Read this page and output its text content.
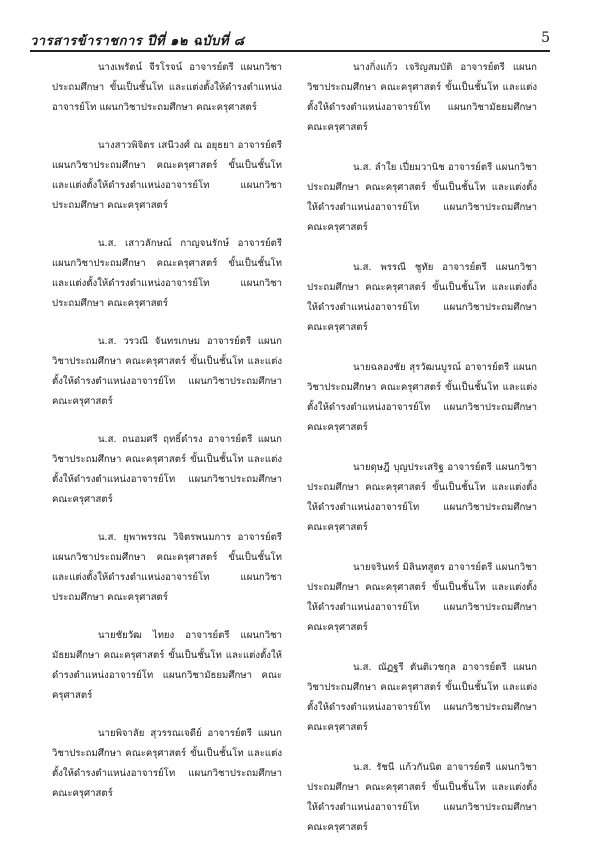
วารสารข้าราชการ ปีที่ ๑๒ ฉบับที่ ๘	5

นางเพรัตน์ จีรโรจน์ อาจารย์ตรี แผนกวิชาประถมศึกษา ขั้นเป็นชั้นโท และแต่งตั้งให้ดำรงตำแหน่งอาจารย์โท แผนกวิชาประถมศึกษา คณะครุศาสตร์

นางสาวพิจิตร เสนีวงศ์ ณ อยุธยา อาจารย์ตรี แผนกวิชาประถมศึกษา คณะครุศาสตร์ ขั้นเป็นชั้นโท และแต่งตั้งให้ดำรงตำแหน่งอาจารย์โท แผนกวิชาประถมศึกษา คณะครุศาสตร์

น.ส. เสาวลักษณ์ กาญจนรักษ์ อาจารย์ตรี แผนกวิชาประถมศึกษา คณะครุศาสตร์ ขั้นเป็นชั้นโท และแต่งตั้งให้ดำรงตำแหน่งอาจารย์โท แผนกวิชาประถมศึกษา คณะครุศาสตร์

น.ส. วรวณี จันทรเกษม อาจารย์ตรี แผนกวิชาประถมศึกษา คณะครุศาสตร์ ขั้นเป็นชั้นโท และแต่งตั้งให้ดำรงตำแหน่งอาจารย์โท แผนกวิชาประถมศึกษา คณะครุศาสตร์

น.ส. ถนอมศรี ฤทธิ์ดำรง อาจารย์ตรี แผนกวิชาประถมศึกษา คณะครุศาสตร์ ขั้นเป็นชั้นโท และแต่งตั้งให้ดำรงตำแหน่งอาจารย์โท แผนกวิชาประถมศึกษา คณะครุศาสตร์

น.ส. ยุพาพรรณ วิจิตรพนมการ อาจารย์ตรี แผนกวิชาประถมศึกษา คณะครุศาสตร์ ขั้นเป็นชั้นโท และแต่งตั้งให้ดำรงตำแหน่งอาจารย์โท แผนกวิชาประถมศึกษา คณะครุศาสตร์

นายชัยวัฒ ไทยง อาจารย์ตรี แผนกวิชามัธยมศึกษา คณะครุศาสตร์ ขั้นเป็นชั้นโท และแต่งตั้งให้ดำรงตำแหน่งอาจารย์โท แผนกวิชามัธยมศึกษา คณะครุศาสตร์

นายพิจาลัย สุวรรณเจดีย์ อาจารย์ตรี แผนกวิชาประถมศึกษา คณะครุศาสตร์ ขั้นเป็นชั้นโท และแต่งตั้งให้ดำรงตำแหน่งอาจารย์โท แผนกวิชาประถมศึกษา คณะครุศาสตร์

นางกิ่งแก้ว เจริญสมบัติ อาจารย์ตรี แผนกวิชาประถมศึกษา คณะครุศาสตร์ ขั้นเป็นชั้นโท และแต่งตั้งให้ดำรงตำแหน่งอาจารย์โท แผนกวิชามัธยมศึกษา คณะครุศาสตร์

น.ส. ลำใย เปี่ยมวานิช อาจารย์ตรี แผนกวิชาประถมศึกษา คณะครุศาสตร์ ขั้นเป็นชั้นโท และแต่งตั้งให้ดำรงตำแหน่งอาจารย์โท แผนกวิชาประถมศึกษา คณะครุศาสตร์

น.ส. พรรณี ชูทัย อาจารย์ตรี แผนกวิชาประถมศึกษา คณะครุศาสตร์ ขั้นเป็นชั้นโท และแต่งตั้งให้ดำรงตำแหน่งอาจารย์โท แผนกวิชาประถมศึกษา คณะครุศาสตร์

นายฉลองชัย สุรวัฒนบูรณ์ อาจารย์ตรี แผนกวิชาประถมศึกษา คณะครุศาสตร์ ขั้นเป็นชั้นโท และแต่งตั้งให้ดำรงตำแหน่งอาจารย์โท แผนกวิชาประถมศึกษา คณะครุศาสตร์

นายดุษฎี บุญประเสริฐ อาจารย์ตรี แผนกวิชาประถมศึกษา คณะครุศาสตร์ ขั้นเป็นชั้นโท และแต่งตั้งให้ดำรงตำแหน่งอาจารย์โท แผนกวิชาประถมศึกษา คณะครุศาสตร์

นายจรินทร์ มิลินทสูตร อาจารย์ตรี แผนกวิชาประถมศึกษา คณะครุศาสตร์ ขั้นเป็นชั้นโท และแต่งตั้งให้ดำรงตำแหน่งอาจารย์โท แผนกวิชาประถมศึกษา คณะครุศาสตร์

น.ส. ณัฏฐรี ตันติเวชกุล อาจารย์ตรี แผนกวิชาประถมศึกษา คณะครุศาสตร์ ขั้นเป็นชั้นโท และแต่งตั้งให้ดำรงตำแหน่งอาจารย์โท แผนกวิชาประถมศึกษา คณะครุศาสตร์

น.ส. รัชนี แก้วกันนิต อาจารย์ตรี แผนกวิชาประถมศึกษา คณะครุศาสตร์ ขั้นเป็นชั้นโท และแต่งตั้งให้ดำรงตำแหน่งอาจารย์โท แผนกวิชาประถมศึกษา คณะครุศาสตร์
